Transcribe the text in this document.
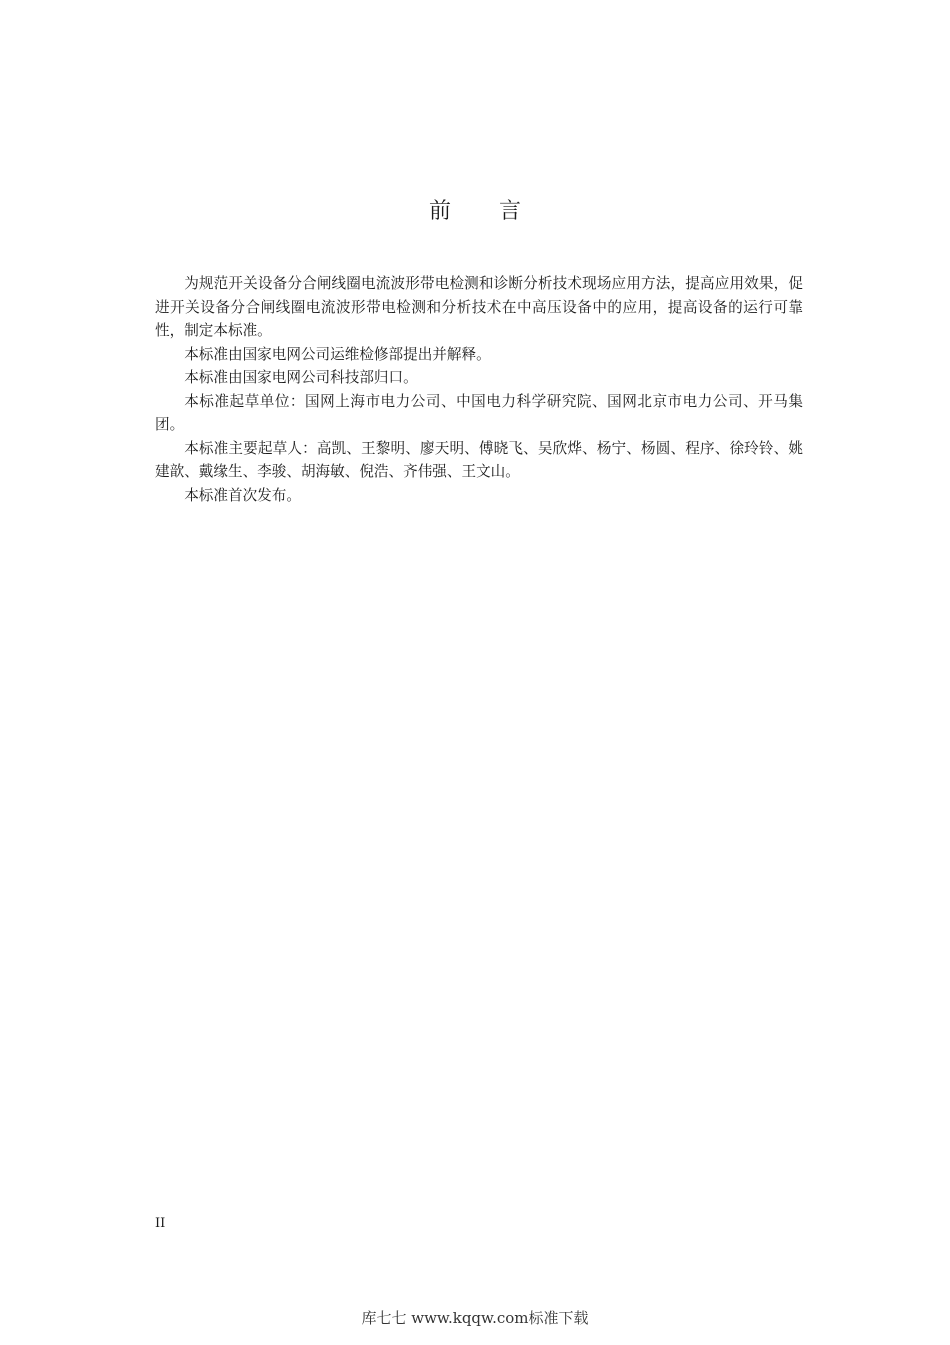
前言

为规范开关设备分合闸线圈电流波形带电检测和诊断分析技术现场应用方法，提高应用效果，促进开关设备分合闸线圈电流波形带电检测和分析技术在中高压设备中的应用，提高设备的运行可靠性，制定本标准。

本标准由国家电网公司运维检修部提出并解释。

本标准由国家电网公司科技部归口。

本标准起草单位：国网上海市电力公司、中国电力科学研究院、国网北京市电力公司、开马集团。

本标准主要起草人：高凯、王黎明、廖天明、傅晓飞、吴欣烨、杨宁、杨圆、程序、徐玲铃、姚建歆、戴缘生、李骏、胡海敏、倪浩、齐伟强、王文山。

本标准首次发布。

II
库七七 www.kqqw.com标准下载
